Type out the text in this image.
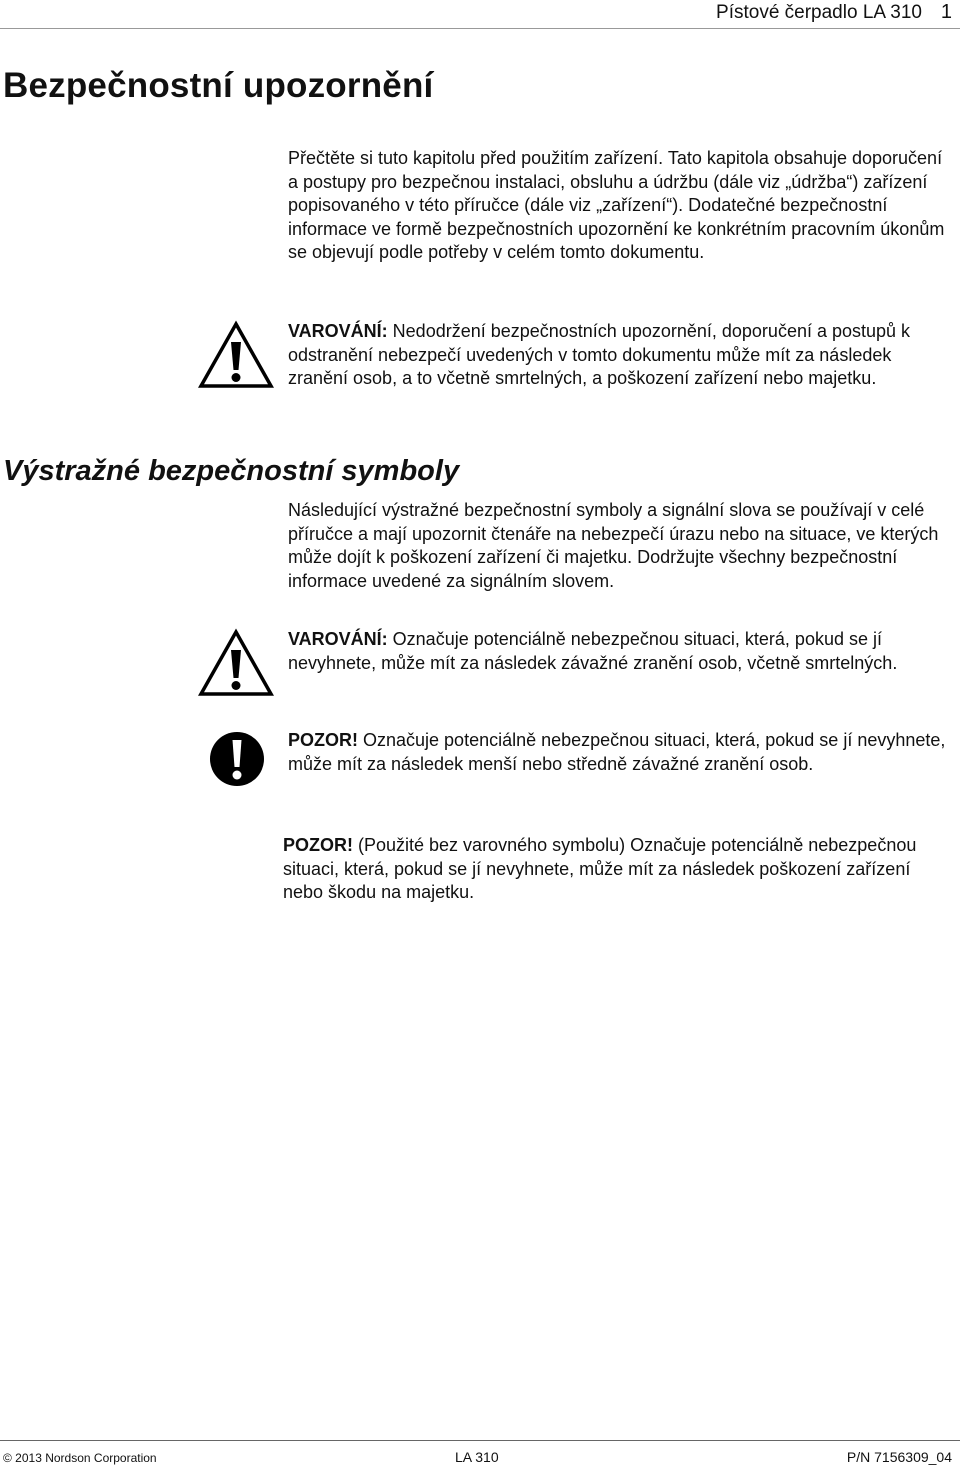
Pístové čerpadlo LA 310 1
Bezpečnostní upozornění

Přečtěte si tuto kapitolu před použitím zařízení. Tato kapitola obsahuje doporučení a postupy pro bezpečnou instalaci, obsluhu a údržbu (dále viz „údržba“) zařízení popisovaného v této příručce (dále viz „zařízení“). Dodatečné bezpečnostní informace ve formě bezpečnostních upozornění ke konkrétním pracovním úkonům se objevují podle potřeby v celém tomto dokumentu.

VAROVÁNÍ: Nedodržení bezpečnostních upozornění, doporučení a postupů k odstranění nebezpečí uvedených v tomto dokumentu může mít za následek zranění osob, a to včetně smrtelných, a poškození zařízení nebo majetku.

Výstražné bezpečnostní symboly

Následující výstražné bezpečnostní symboly a signální slova se používají v celé příručce a mají upozornit čtenáře na nebezpečí úrazu nebo na situace, ve kterých může dojít k poškození zařízení či majetku. Dodržujte všechny bezpečnostní informace uvedené za signálním slovem.

VAROVÁNÍ: Označuje potenciálně nebezpečnou situaci, která, pokud se jí nevyhnete, může mít za následek závažné zranění osob, včetně smrtelných.

POZOR! Označuje potenciálně nebezpečnou situaci, která, pokud se jí nevyhnete, může mít za následek menší nebo středně závažné zranění osob.

POZOR! (Použité bez varovného symbolu) Označuje potenciálně nebezpečnou situaci, která, pokud se jí nevyhnete, může mít za následek poškození zařízení nebo škodu na majetku.

© 2013 Nordson Corporation	LA 310	P/N 7156309_04
